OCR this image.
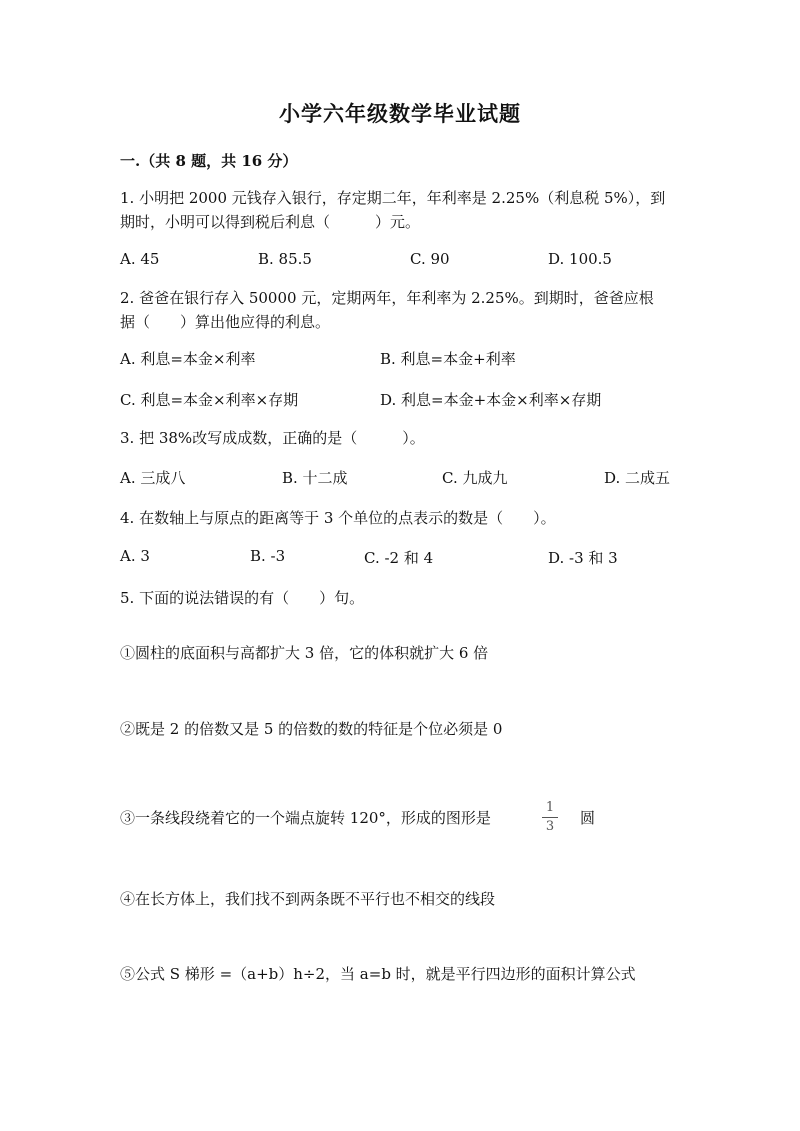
小学六年级数学毕业试题
一.（共 8 题，共 16 分）
1. 小明把 2000 元钱存入银行，存定期二年，年利率是 2.25%（利息税 5%），到
期时，小明可以得到税后利息（　　　）元。
A. 45	B. 85.5	C. 90	D. 100.5
2. 爸爸在银行存入 50000 元，定期两年，年利率为 2.25%。到期时，爸爸应根
据（　　）算出他应得的利息。
A. 利息=本金×利率	B. 利息=本金+利率
C. 利息=本金×利率×存期	D. 利息=本金+本金×利率×存期
3. 把 38%改写成成数，正确的是（　　　）。
A. 三成八	B. 十二成	C. 九成九	D. 二成五
4. 在数轴上与原点的距离等于 3 个单位的点表示的数是（　　）。
A. 3	B. -3	C. -2 和 4	D. -3 和 3
5. 下面的说法错误的有（　　）句。
①圆柱的底面积与高都扩大 3 倍，它的体积就扩大 6 倍
②既是 2 的倍数又是 5 的倍数的数的特征是个位必须是 0
③一条线段绕着它的一个端点旋转 120°，形成的图形是
1
3	圆
④在长方体上，我们找不到两条既不平行也不相交的线段
⑤公式 S 梯形 =（a+b）h÷2，当 a=b 时，就是平行四边形的面积计算公式
